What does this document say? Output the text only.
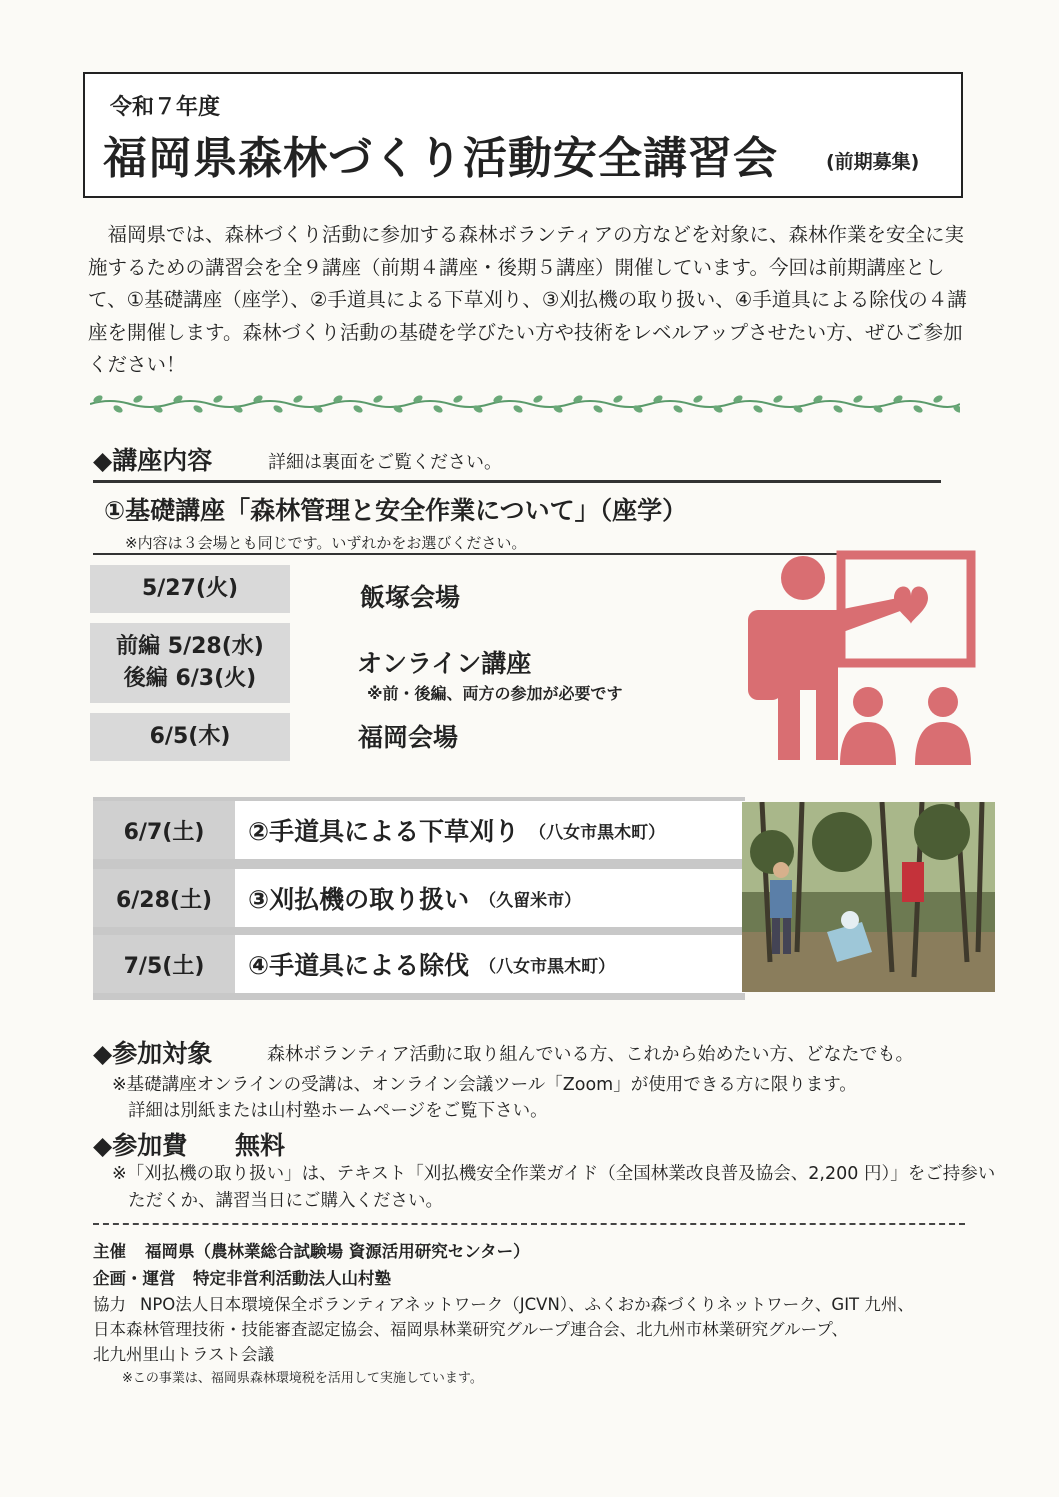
令和７年度
福岡県森林づくり活動安全講習会	(前期募集)
福岡県では、森林づくり活動に参加する森林ボランティアの方などを対象に、森林作業を安全に実施するための講習会を全９講座（前期４講座・後期５講座）開催しています。今回は前期講座として、①基礎講座（座学）、②手道具による下草刈り、③刈払機の取り扱い、④手道具による除伐の４講座を開催します。森林づくり活動の基礎を学びたい方や技術をレベルアップさせたい方、ぜひご参加ください！
◆講座内容	詳細は裏面をご覧ください。
①基礎講座「森林管理と安全作業について」（座学）
※内容は３会場とも同じです。いずれかをお選びください。
5/27(火)	飯塚会場
前編 5/28(水)
後編 6/3(火)
オンライン講座
※前・後編、両方の参加が必要です
6/5(木)	福岡会場
6/7(土)	②手道具による下草刈り （八女市黒木町）
6/28(土)	③刈払機の取り扱い （久留米市）
7/5(土)	④手道具による除伐 （八女市黒木町）
◆参加対象	森林ボランティア活動に取り組んでいる方、これから始めたい方、どなたでも。
※基礎講座オンラインの受講は、オンライン会議ツール「Zoom」が使用できる方に限ります。
詳細は別紙または山村塾ホームページをご覧下さい。
◆参加費 無料
※「刈払機の取り扱い」は、テキスト「刈払機安全作業ガイド（全国林業改良普及協会、2,200 円）」をご持参い
ただくか、講習当日にご購入ください。
主催 福岡県（農林業総合試験場 資源活用研究センター）
企画・運営 特定非営利活動法人山村塾
協力 NPO法人日本環境保全ボランティアネットワーク（JCVN）、ふくおか森づくりネットワーク、GIT 九州、
日本森林管理技術・技能審査認定協会、福岡県林業研究グループ連合会、北九州市林業研究グループ、
北九州里山トラスト会議
※この事業は、福岡県森林環境税を活用して実施しています。
